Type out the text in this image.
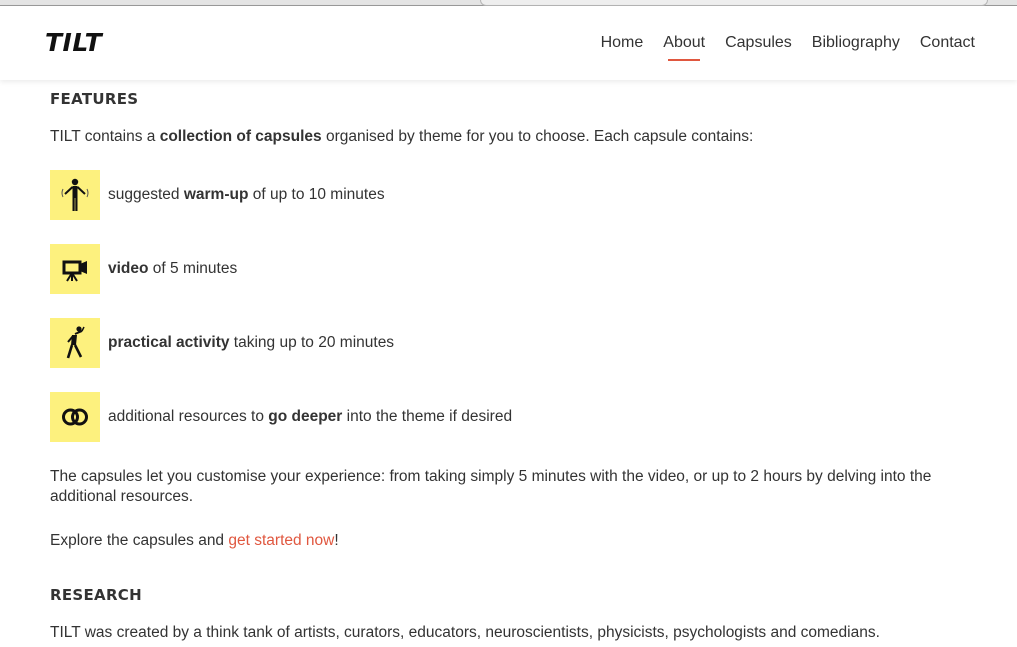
TILT	Home About Capsules Bibliography Contact
FEATURES

TILT contains a collection of capsules organised by theme for you to choose. Each capsule contains:

suggested warm-up of up to 10 minutes
video of 5 minutes
practical activity taking up to 20 minutes
additional resources to go deeper into the theme if desired

The capsules let you customise your experience: from taking simply 5 minutes with the video, or up to 2 hours by delving into the additional resources.

Explore the capsules and get started now!

RESEARCH

TILT was created by a think tank of artists, curators, educators, neuroscientists, physicists, psychologists and comedians.
